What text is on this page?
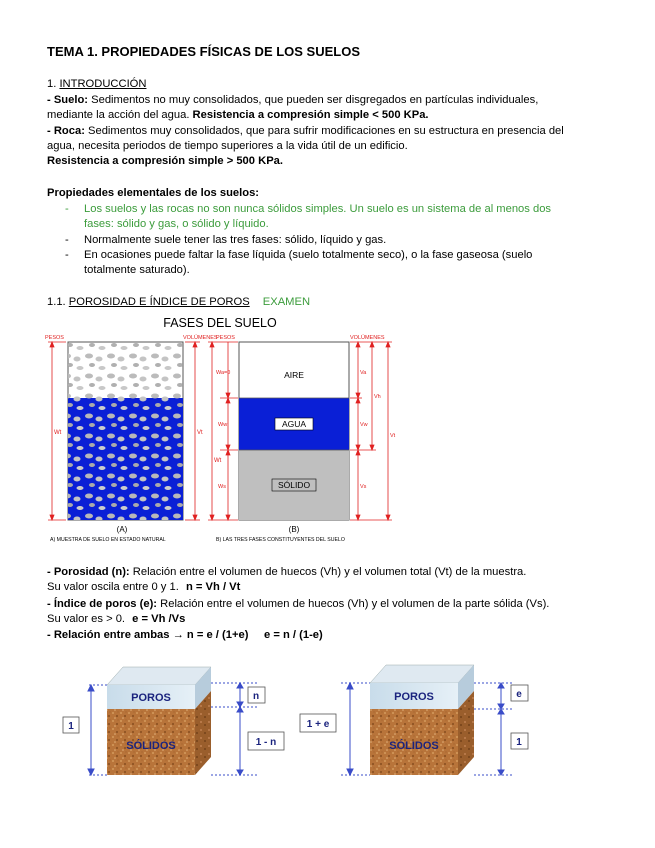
TEMA 1. PROPIEDADES FÍSICAS DE LOS SUELOS
1. INTRODUCCIÓN
- Suelo: Sedimentos no muy consolidados, que pueden ser disgregados en partículas individuales,
mediante la acción del agua. Resistencia a compresión simple < 500 KPa.
- Roca: Sedimentos muy consolidados, que para sufrir modificaciones en su estructura en presencia del
agua, necesita periodos de tiempo superiores a la vida útil de un edificio.
Resistencia a compresión simple > 500 KPa.
Propiedades elementales de los suelos:
- Los suelos y las rocas no son nunca sólidos simples. Un suelo es un sistema de al menos dos
fases: sólido y gas, o sólido y líquido.
- Normalmente suele tener las tres fases: sólido, líquido y gas.
- En ocasiones puede faltar la fase líquida (suelo totalmente seco), o la fase gaseosa (suelo
totalmente saturado).
1.1. POROSIDAD E ÍNDICE DE POROS EXAMEN
FASES DEL SUELO
AIRE
AGUA
SÓLIDO
PESOS	VOLÚMENES
PESOS	VOLÚMENES
Wt	Vt
Wt
Wa=0
Ww
Ws
Va
Vw
Vs
Vh
Vt
(A)	(B)
A) MUESTRA DE SUELO EN ESTADO NATURAL	B) LAS TRES FASES CONSTITUYENTES DEL SUELO
- Porosidad (n): Relación entre el volumen de huecos (Vh) y el volumen total (Vt) de la muestra.
Su valor oscila entre 0 y 1. n = Vh / Vt
- Índice de poros (e): Relación entre el volumen de huecos (Vh) y el volumen de la parte sólida (Vs).
Su valor es > 0. e = Vh /Vs
- Relación entre ambas → n = e / (1+e)     e = n / (1-e)
POROS
SÓLIDOS
1
n
1 - n
POROS
SÓLIDOS
1 + e
e
1
